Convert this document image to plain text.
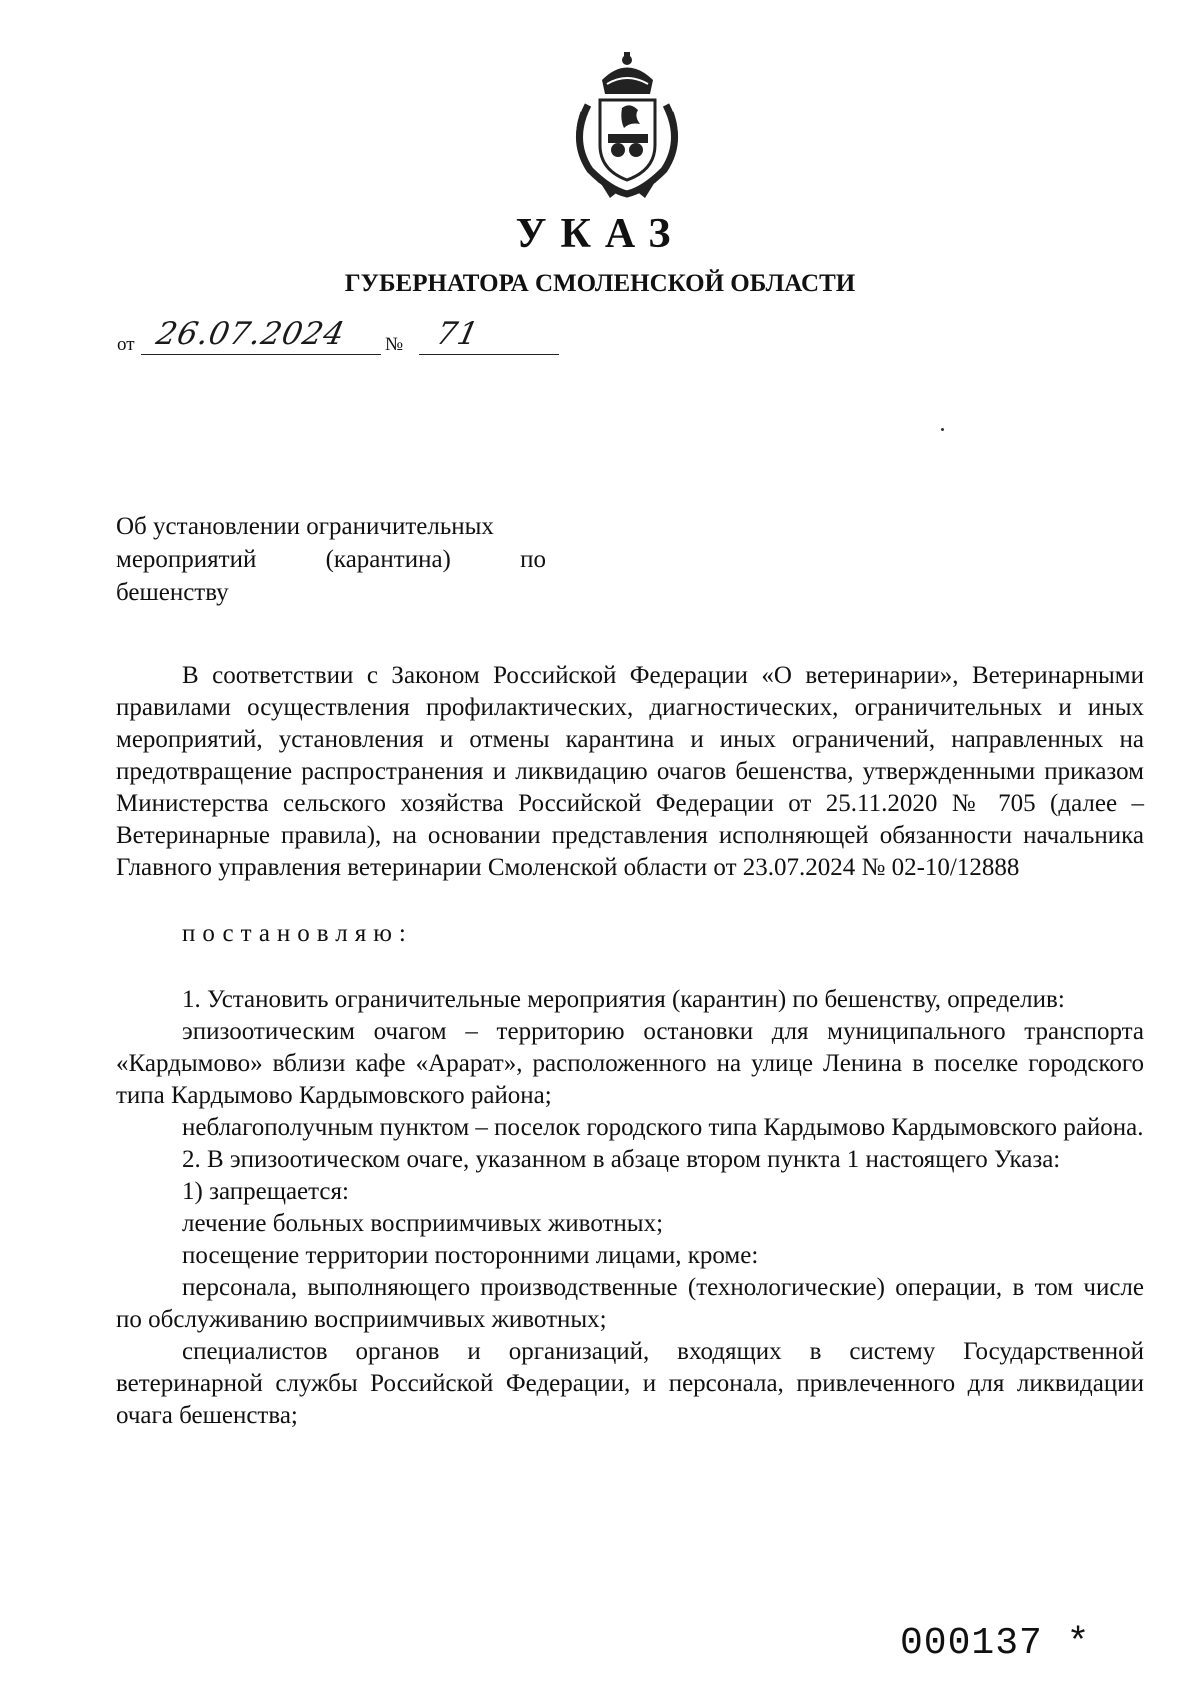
УКАЗ
ГУБЕРНАТОРА СМОЛЕНСКОЙ ОБЛАСТИ
от 26.07.2024 № 71
Об установлении ограничительных
мероприятий (карантина) по
бешенству

В соответствии с Законом Российской Федерации «О ветеринарии», Ветеринарными правилами осуществления профилактических, диагностических, ограничительных и иных мероприятий, установления и отмены карантина и иных ограничений, направленных на предотвращение распространения и ликвидацию очагов бешенства, утвержденными приказом Министерства сельского хозяйства Российской Федерации от 25.11.2020 № 705 (далее – Ветеринарные правила), на основании представления исполняющей обязанности начальника Главного управления ветеринарии Смоленской области от 23.07.2024 № 02-10/12888

постановляю:

1. Установить ограничительные мероприятия (карантин) по бешенству, определив:

эпизоотическим очагом – территорию остановки для муниципального транспорта «Кардымово» вблизи кафе «Арарат», расположенного на улице Ленина в поселке городского типа Кардымово Кардымовского района;

неблагополучным пунктом – поселок городского типа Кардымово Кардымовского района.

2. В эпизоотическом очаге, указанном в абзаце втором пункта 1 настоящего Указа:

1) запрещается:

лечение больных восприимчивых животных;

посещение территории посторонними лицами, кроме:

персонала, выполняющего производственные (технологические) операции, в том числе по обслуживанию восприимчивых животных;

специалистов органов и организаций, входящих в систему Государственной ветеринарной службы Российской Федерации, и персонала, привлеченного для ликвидации очага бешенства;

000137 *
